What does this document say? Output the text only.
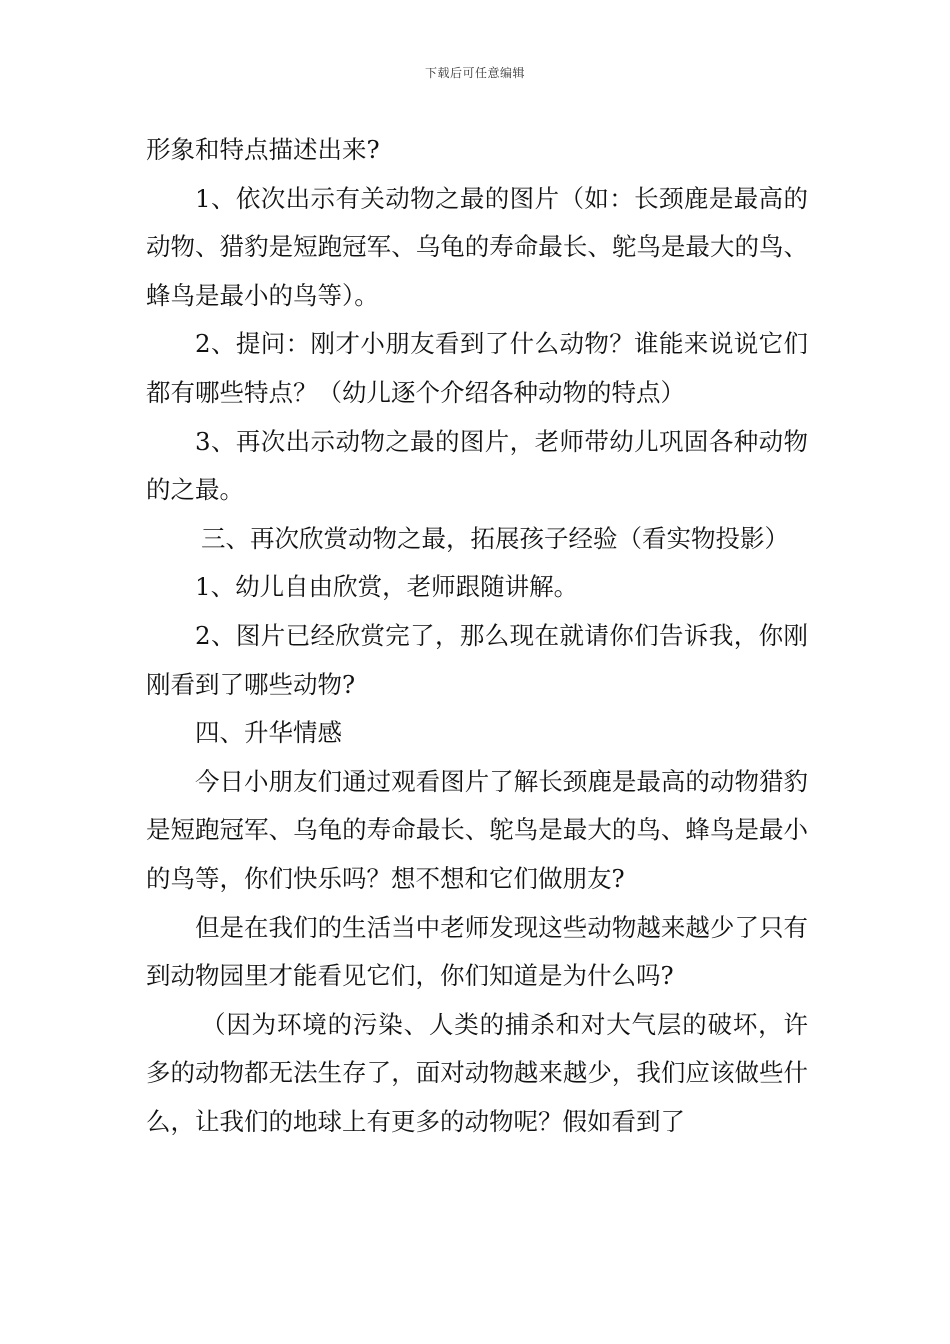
下载后可任意编辑

形象和特点描述出来?

1、依次出示有关动物之最的图片（如：长颈鹿是最高的动物、猎豹是短跑冠军、乌龟的寿命最长、鸵鸟是最大的鸟、蜂鸟是最小的鸟等）。

2、提问：刚才小朋友看到了什么动物？谁能来说说它们都有哪些特点？（幼儿逐个介绍各种动物的特点）

3、再次出示动物之最的图片，老师带幼儿巩固各种动物的之最。

三、再次欣赏动物之最，拓展孩子经验（看实物投影）

1、幼儿自由欣赏，老师跟随讲解。

2、图片已经欣赏完了，那么现在就请你们告诉我，你刚刚看到了哪些动物?

四、升华情感

今日小朋友们通过观看图片了解长颈鹿是最高的动物猎豹是短跑冠军、乌龟的寿命最长、鸵鸟是最大的鸟、蜂鸟是最小的鸟等，你们快乐吗？想不想和它们做朋友?

但是在我们的生活当中老师发现这些动物越来越少了只有到动物园里才能看见它们，你们知道是为什么吗?

（因为环境的污染、人类的捕杀和对大气层的破坏，许多的动物都无法生存了，面对动物越来越少，我们应该做些什么，让我们的地球上有更多的动物呢？假如看到了
